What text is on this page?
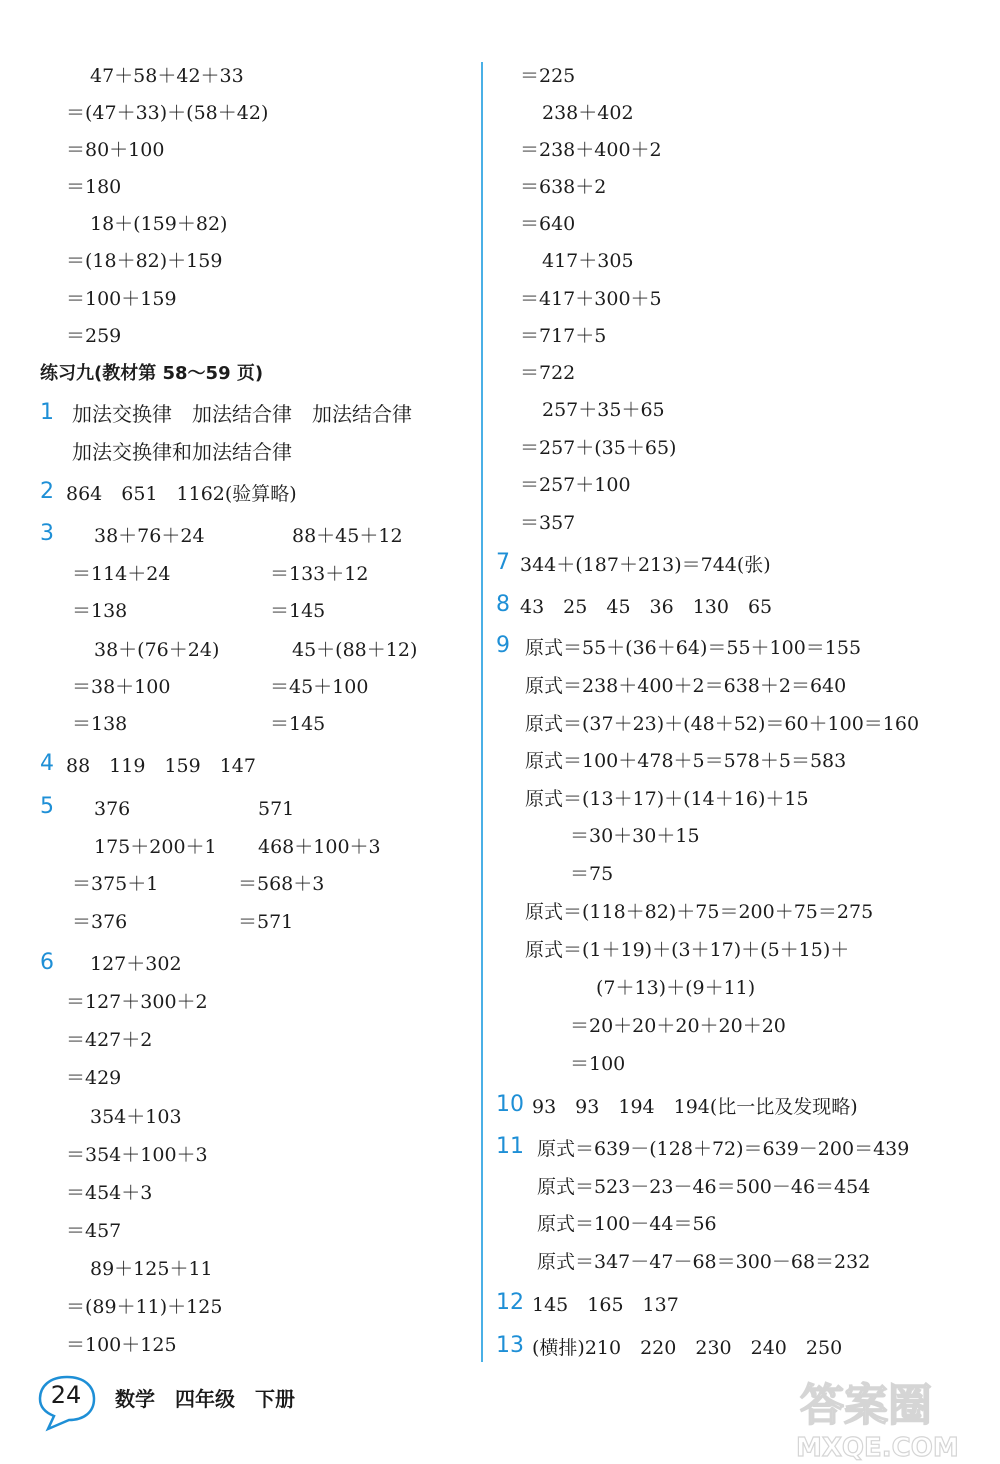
47＋58＋42＋33
＝(47＋33)＋(58＋42)
＝80＋100
＝180
18＋(159＋82)
＝(18＋82)＋159
＝100＋159
＝259
练习九(教材第 58～59 页)
1 加法交换律　加法结合律　加法结合律
加法交换律和加法结合律
2 864　651　1162(验算略)
3 38＋76＋24
＝114＋24
＝138
38＋(76＋24)
＝38＋100
＝138
88＋45＋12
＝133＋12
＝145
45＋(88＋12)
＝45＋100
＝145
4 88　119　159　147
5 376
175＋200＋1
＝375＋1
＝376
571
468＋100＋3
＝568＋3
＝571
6 127＋302
＝127＋300＋2
＝427＋2
＝429
354＋103
＝354＋100＋3
＝454＋3
＝457
89＋125＋11
＝(89＋11)＋125
＝100＋125
＝225
238＋402
＝238＋400＋2
＝638＋2
＝640
417＋305
＝417＋300＋5
＝717＋5
＝722
257＋35＋65
＝257＋(35＋65)
＝257＋100
＝357
7 344＋(187＋213)＝744(张)
8 43　25　45　36　130　65
9 原式＝55＋(36＋64)＝55＋100＝155
原式＝238＋400＋2＝638＋2＝640
原式＝(37＋23)＋(48＋52)＝60＋100＝160
原式＝100＋478＋5＝578＋5＝583
原式＝(13＋17)＋(14＋16)＋15
＝30＋30＋15
＝75
原式＝(118＋82)＋75＝200＋75＝275
原式＝(1＋19)＋(3＋17)＋(5＋15)＋
(7＋13)＋(9＋11)
＝20＋20＋20＋20＋20
＝100
10 93　93　194　194(比一比及发现略)
11 原式＝639－(128＋72)＝639－200＝439
原式＝523－23－46＝500－46＝454
原式＝100－44＝56
原式＝347－47－68＝300－68＝232
12 145　165　137
13 (横排)210　220　230　240　250
24	数学　四年级　下册	答案圈
MXQE.COM
